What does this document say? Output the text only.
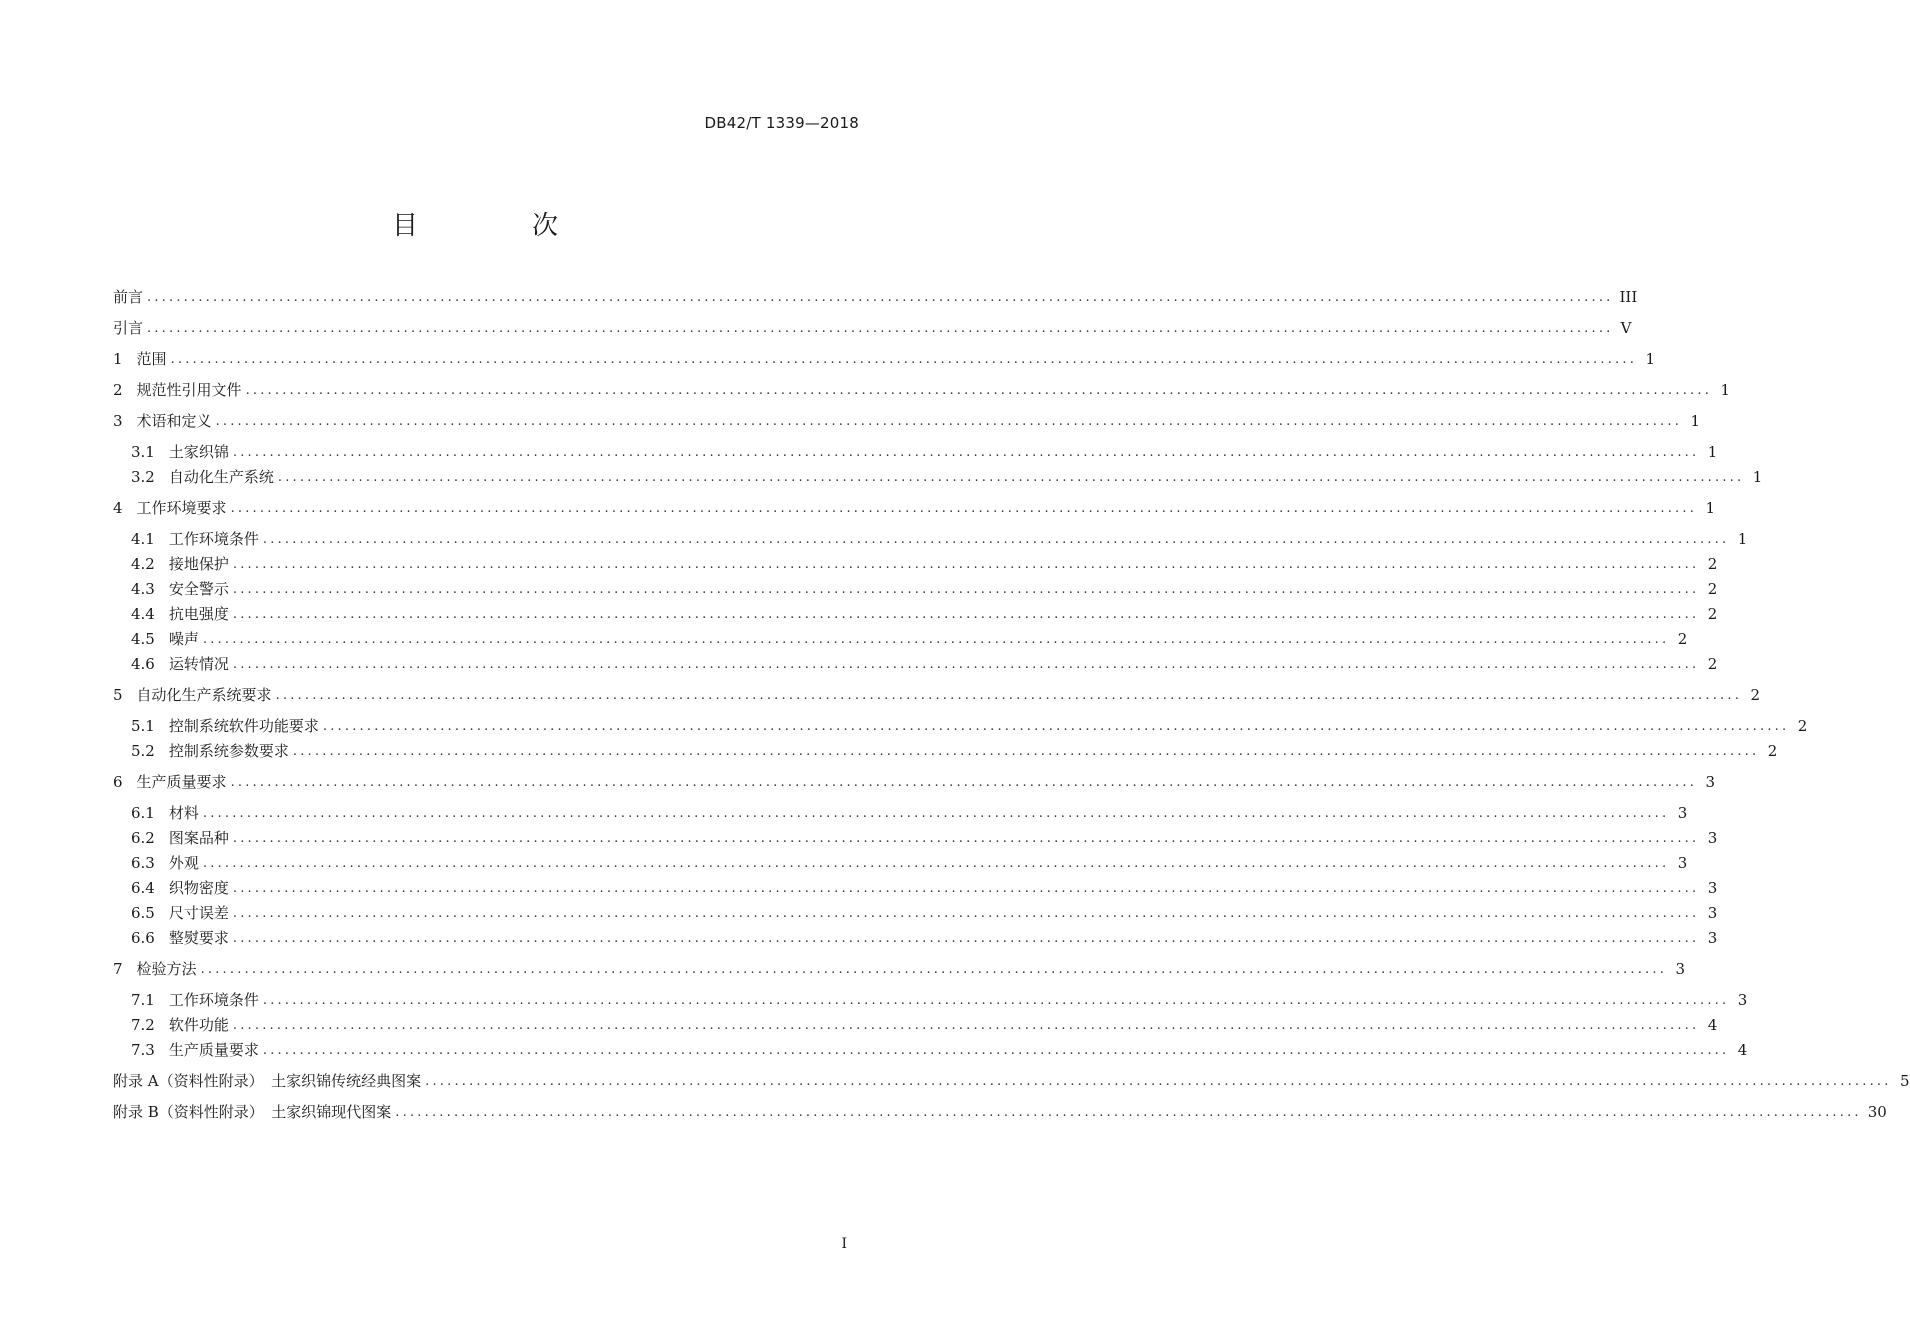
DB42/T 1339—2018
目　次
前言 ........................................................................................................................................................................................................ III
引言 ........................................................................................................................................................................................................ V
1 范围 ........................................................................................................................................................................................................ 1
2 规范性引用文件 ........................................................................................................................................................................................................ 1
3 术语和定义 ........................................................................................................................................................................................................ 1
3.1 土家织锦 ........................................................................................................................................................................................................ 1
3.2 自动化生产系统 ........................................................................................................................................................................................................ 1
4 工作环境要求 ........................................................................................................................................................................................................ 1
4.1 工作环境条件 ........................................................................................................................................................................................................ 1
4.2 接地保护 ........................................................................................................................................................................................................ 2
4.3 安全警示 ........................................................................................................................................................................................................ 2
4.4 抗电强度 ........................................................................................................................................................................................................ 2
4.5 噪声 ........................................................................................................................................................................................................ 2
4.6 运转情况 ........................................................................................................................................................................................................ 2
5 自动化生产系统要求 ........................................................................................................................................................................................................ 2
5.1 控制系统软件功能要求 ........................................................................................................................................................................................................ 2
5.2 控制系统参数要求 ........................................................................................................................................................................................................ 2
6 生产质量要求 ........................................................................................................................................................................................................ 3
6.1 材料 ........................................................................................................................................................................................................ 3
6.2 图案品种 ........................................................................................................................................................................................................ 3
6.3 外观 ........................................................................................................................................................................................................ 3
6.4 织物密度 ........................................................................................................................................................................................................ 3
6.5 尺寸误差 ........................................................................................................................................................................................................ 3
6.6 整熨要求 ........................................................................................................................................................................................................ 3
7 检验方法 ........................................................................................................................................................................................................ 3
7.1 工作环境条件 ........................................................................................................................................................................................................ 3
7.2 软件功能 ........................................................................................................................................................................................................ 4
7.3 生产质量要求 ........................................................................................................................................................................................................ 4
附录 A（资料性附录）　土家织锦传统经典图案 ........................................................................................................................................................................................................ 5
附录 B（资料性附录）　土家织锦现代图案 ........................................................................................................................................................................................................ 30
I
